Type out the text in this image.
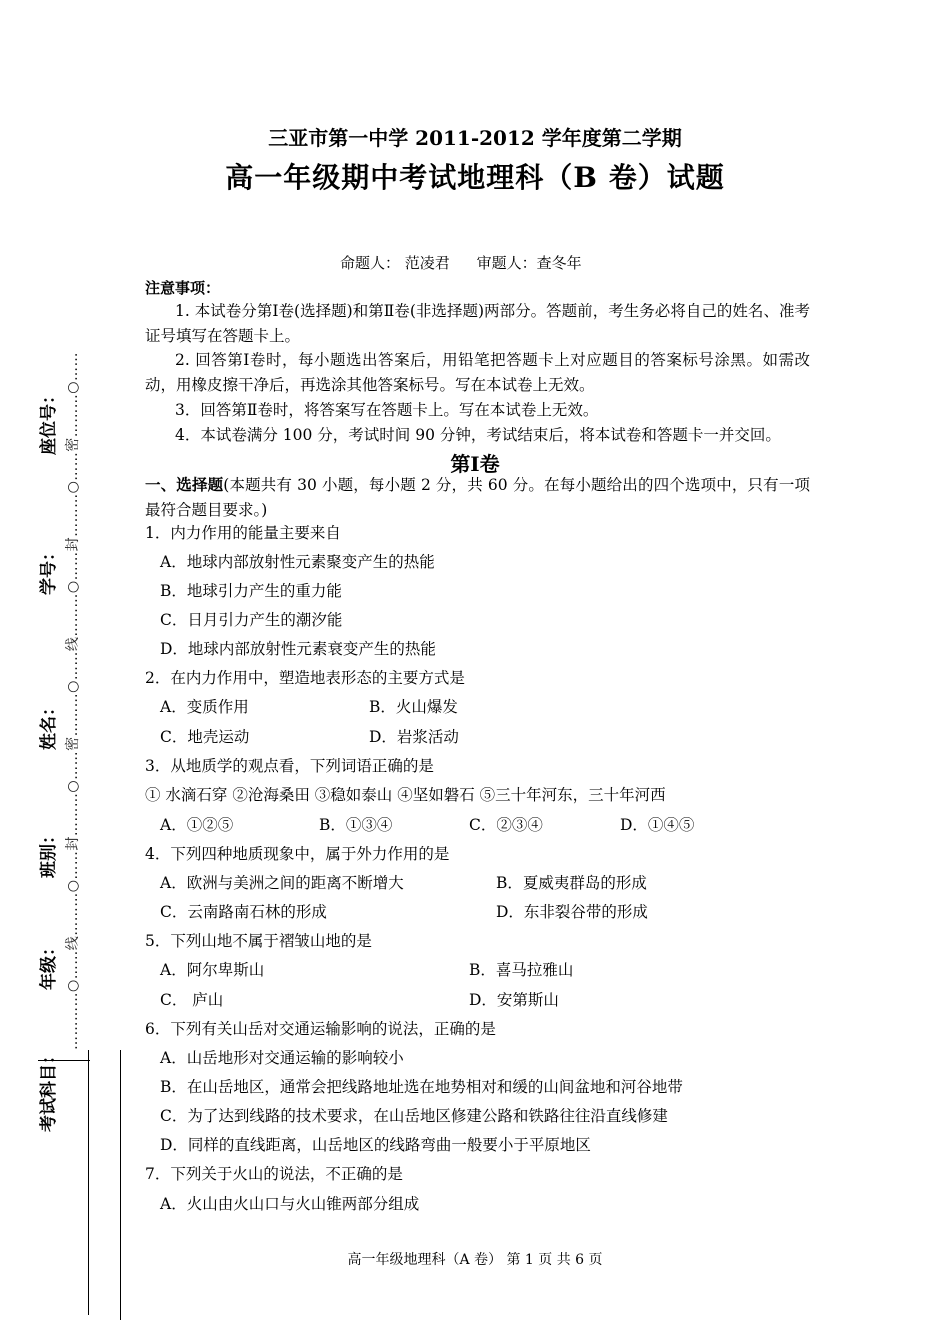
…………○……线………○……封………○……密………○……线………○……封………○……密………○……
座位号：
学号：
姓名：
班别：
年级：
考试科目：
三亚市第一中学 2011-2012 学年度第二学期
高一年级期中考试地理科（B 卷）试题
命题人： 范凌君 审题人：查冬年
注意事项：
1. 本试卷分第Ⅰ卷(选择题)和第Ⅱ卷(非选择题)两部分。答题前，考生务必将自己的姓名、准考证号填写在答题卡上。
2. 回答第Ⅰ卷时，每小题选出答案后，用铅笔把答题卡上对应题目的答案标号涂黑。如需改动，用橡皮擦干净后，再选涂其他答案标号。写在本试卷上无效。
3．回答第Ⅱ卷时，将答案写在答题卡上。写在本试卷上无效。
4．本试卷满分 100 分，考试时间 90 分钟，考试结束后，将本试卷和答题卡一并交回。
第Ⅰ卷
一、选择题(本题共有 30 小题，每小题 2 分，共 60 分。在每小题给出的四个选项中，只有一项最符合题目要求。)
1．内力作用的能量主要来自
A．地球内部放射性元素聚变产生的热能
B．地球引力产生的重力能
C．日月引力产生的潮汐能
D．地球内部放射性元素衰变产生的热能
2．在内力作用中，塑造地表形态的主要方式是
A．变质作用	B．火山爆发
C．地壳运动	D．岩浆活动
3．从地质学的观点看，下列词语正确的是
① 水滴石穿 ②沧海桑田 ③稳如泰山 ④坚如磐石 ⑤三十年河东，三十年河西
A．①②⑤	B．①③④	C．②③④	D．①④⑤
4．下列四种地质现象中，属于外力作用的是
A．欧洲与美洲之间的距离不断增大	B．夏威夷群岛的形成
C．云南路南石林的形成	D．东非裂谷带的形成
5．下列山地不属于褶皱山地的是
A．阿尔卑斯山	B．喜马拉雅山
C． 庐山	D．安第斯山
6．下列有关山岳对交通运输影响的说法，正确的是
A．山岳地形对交通运输的影响较小
B．在山岳地区，通常会把线路地址选在地势相对和缓的山间盆地和河谷地带
C．为了达到线路的技术要求，在山岳地区修建公路和铁路往往沿直线修建
D．同样的直线距离，山岳地区的线路弯曲一般要小于平原地区
7．下列关于火山的说法，不正确的是
A．火山由火山口与火山锥两部分组成
高一年级地理科（A 卷） 第 1 页 共 6 页
